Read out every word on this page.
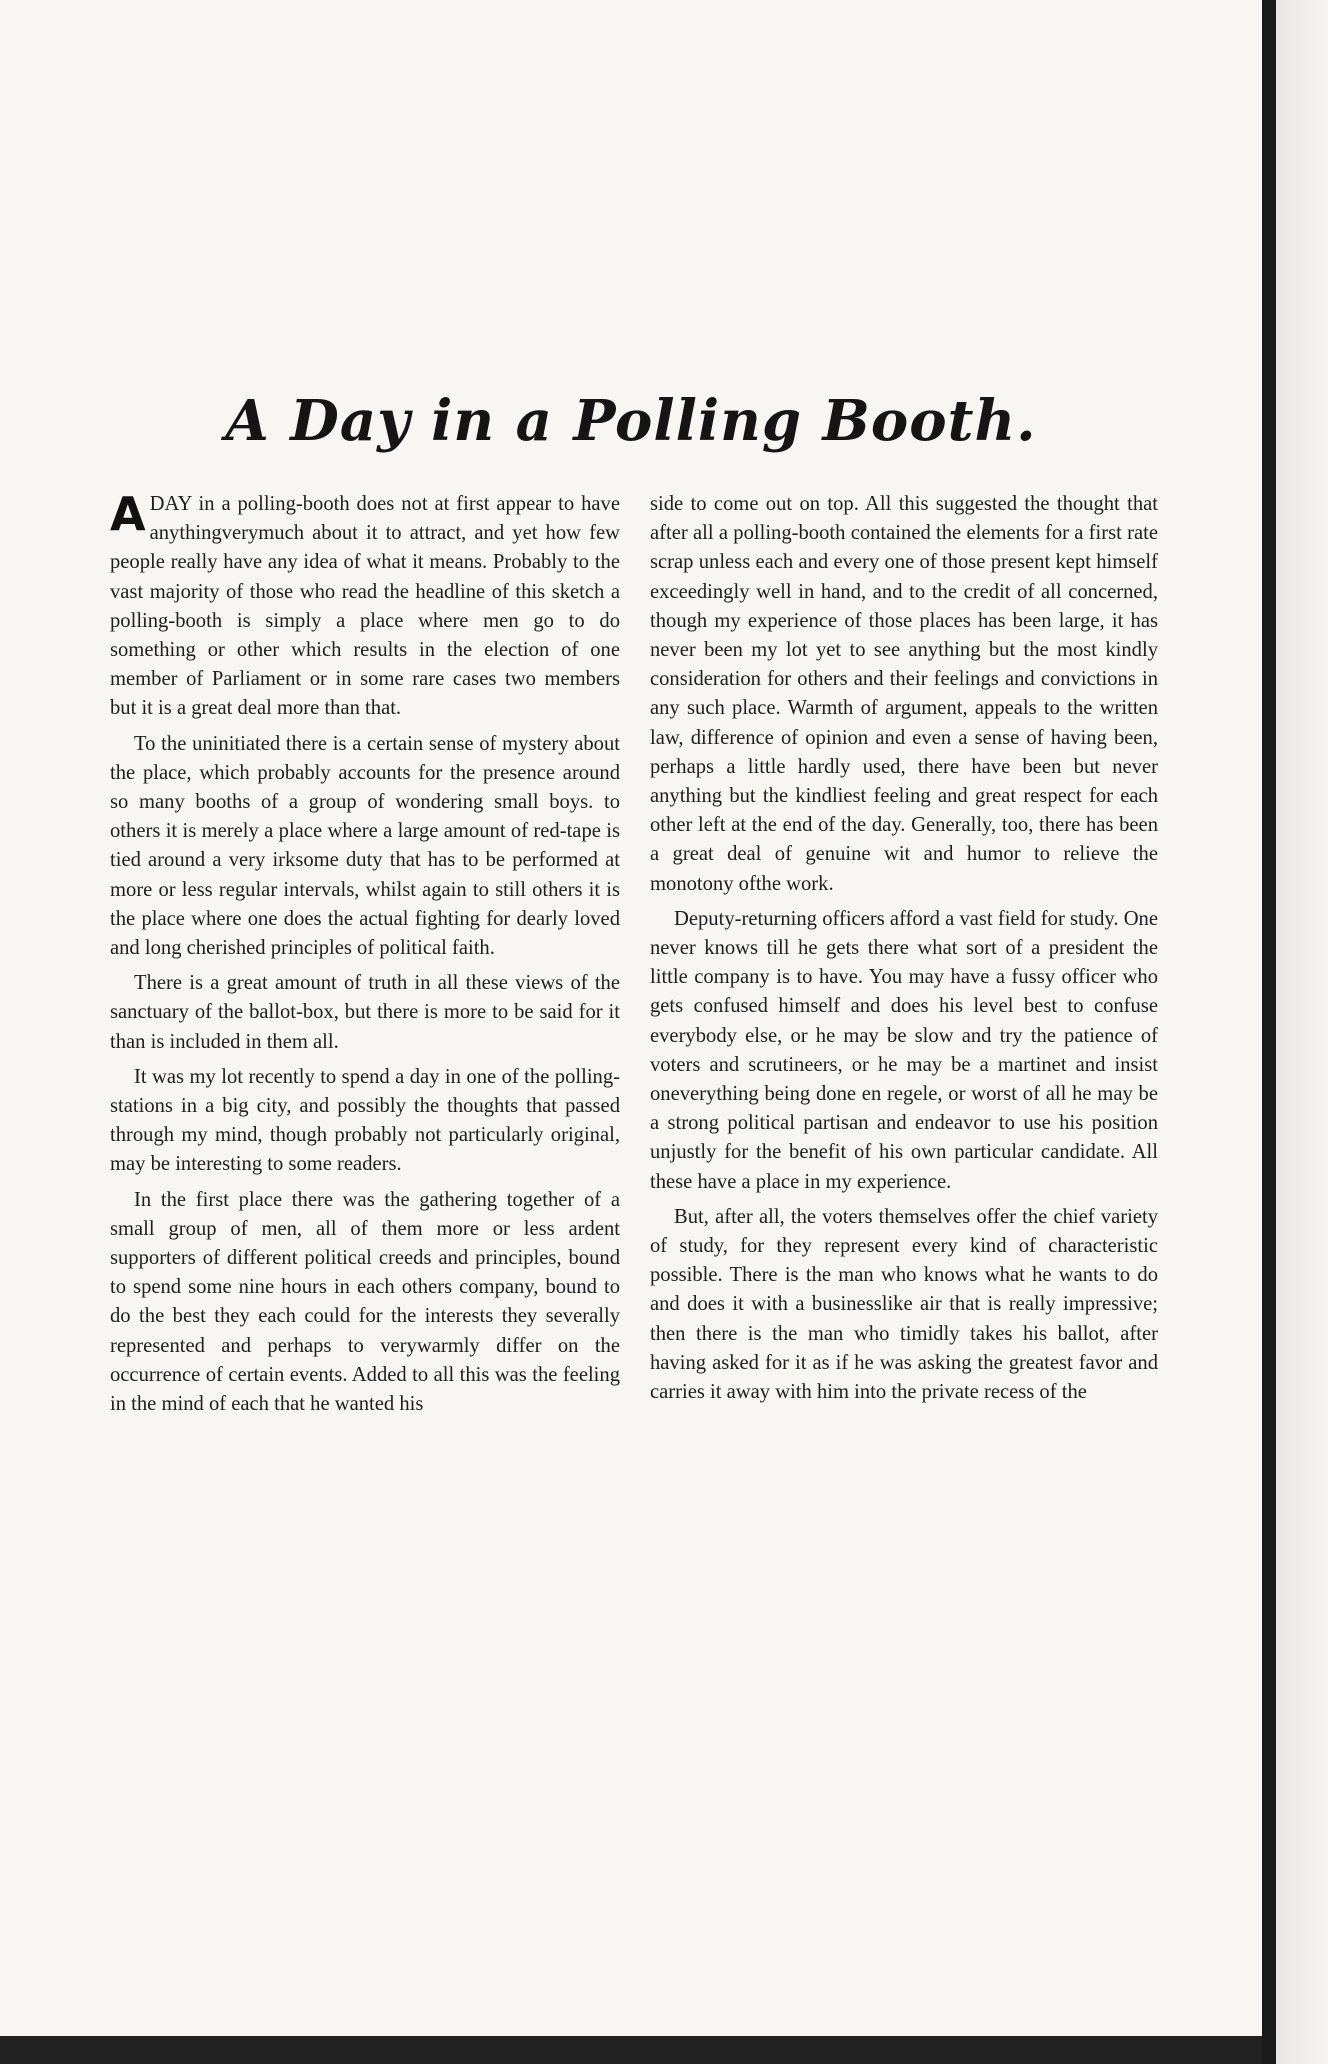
A Day in a Polling Booth.

ADAY in a polling-booth does not at first appear to have anythingverymuch about it to attract, and yet how few people really have any idea of what it means. Probably to the vast majority of those who read the headline of this sketch a polling-booth is simply a place where men go to do something or other which results in the election of one member of Parliament or in some rare cases two members but it is a great deal more than that.

To the uninitiated there is a certain sense of mystery about the place, which probably accounts for the presence around so many booths of a group of wondering small boys. to others it is merely a place where a large amount of red-tape is tied around a very irksome duty that has to be performed at more or less regular intervals, whilst again to still others it is the place where one does the actual fighting for dearly loved and long cherished principles of political faith.

There is a great amount of truth in all these views of the sanctuary of the ballot-box, but there is more to be said for it than is included in them all.

It was my lot recently to spend a day in one of the polling-stations in a big city, and possibly the thoughts that passed through my mind, though probably not particularly original, may be interesting to some readers.

In the first place there was the gathering together of a small group of men, all of them more or less ardent supporters of different political creeds and principles, bound to spend some nine hours in each others company, bound to do the best they each could for the interests they severally represented and perhaps to verywarmly differ on the occurrence of certain events. Added to all this was the feeling in the mind of each that he wanted his

side to come out on top. All this suggested the thought that after all a polling-booth contained the elements for a first rate scrap unless each and every one of those present kept himself exceedingly well in hand, and to the credit of all concerned, though my experience of those places has been large, it has never been my lot yet to see anything but the most kindly consideration for others and their feelings and convictions in any such place. Warmth of argument, appeals to the written law, difference of opinion and even a sense of having been, perhaps a little hardly used, there have been but never anything but the kindliest feeling and great respect for each other left at the end of the day. Generally, too, there has been a great deal of genuine wit and humor to relieve the monotony ofthe work.

Deputy-returning officers afford a vast field for study. One never knows till he gets there what sort of a president the little company is to have. You may have a fussy officer who gets confused himself and does his level best to confuse everybody else, or he may be slow and try the patience of voters and scrutineers, or he may be a martinet and insist oneverything being done en regele, or worst of all he may be a strong political partisan and endeavor to use his position unjustly for the benefit of his own particular candidate. All these have a place in my experience.

But, after all, the voters themselves offer the chief variety of study, for they represent every kind of characteristic possible. There is the man who knows what he wants to do and does it with a businesslike air that is really impressive; then there is the man who timidly takes his ballot, after having asked for it as if he was asking the greatest favor and carries it away with him into the private recess of the
